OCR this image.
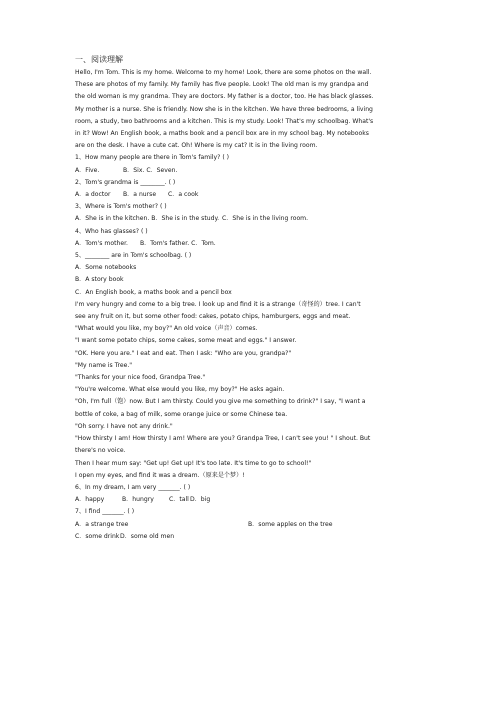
一、阅读理解
Hello, I'm Tom. This is my home. Welcome to my home! Look, there are some photos on the wall.
These are photos of my family. My family has five people. Look! The old man is my grandpa and
the old woman is my grandma. They are doctors. My father is a doctor, too. He has black glasses.
My mother is a nurse. She is friendly. Now she is in the kitchen. We have three bedrooms, a living
room, a study, two bathrooms and a kitchen. This is my study. Look! That's my schoolbag. What's
in it? Wow! An English book, a maths book and a pencil box are in my school bag. My notebooks
are on the desk. I have a cute cat. Oh! Where is my cat? It is in the living room.
1、How many people are there in Tom's family? ( )
A．Five.	B．Six. C．Seven.
2、Tom's grandma is ________. ( )
A．a doctor B．a nurse C．a cook
3、Where is Tom's mother? ( )
A．She is in the kitchen. B．She is in the study. C．She is in the living room.
4、Who has glasses? ( )
A．Tom's mother. B．Tom's father. C．Tom.
5、________ are in Tom's schoolbag. ( )
A．Some notebooks
B．A story book
C．An English book, a maths book and a pencil box
I'm very hungry and come to a big tree. I look up and find it is a strange（奇怪的）tree. I can't
see any fruit on it, but some other food: cakes, potato chips, hamburgers, eggs and meat.
"What would you like, my boy?" An old voice（声音）comes.
"I want some potato chips, some cakes, some meat and eggs." I answer.
"OK. Here you are." I eat and eat. Then I ask: "Who are you, grandpa?"
"My name is Tree."
"Thanks for your nice food, Grandpa Tree."
"You're welcome. What else would you like, my boy?" He asks again.
"Oh, I'm full（饱）now. But I am thirsty. Could you give me something to drink?" I say, "I want a
bottle of coke, a bag of milk, some orange juice or some Chinese tea.
"Oh sorry. I have not any drink."
"How thirsty I am! How thirsty I am! Where are you? Grandpa Tree, I can't see you! " I shout. But
there's no voice.
Then I hear mum say: "Get up! Get up! It's too late. It's time to go to school!"
I open my eyes, and find it was a dream.（原来是个梦）!
6、In my dream, I am very _______. ( )
A．happy	B．hungry C．tallD．big
7、I find _______. ( )
A．a strange tree	B．some apples on the tree
C．some drinkD．some old men
